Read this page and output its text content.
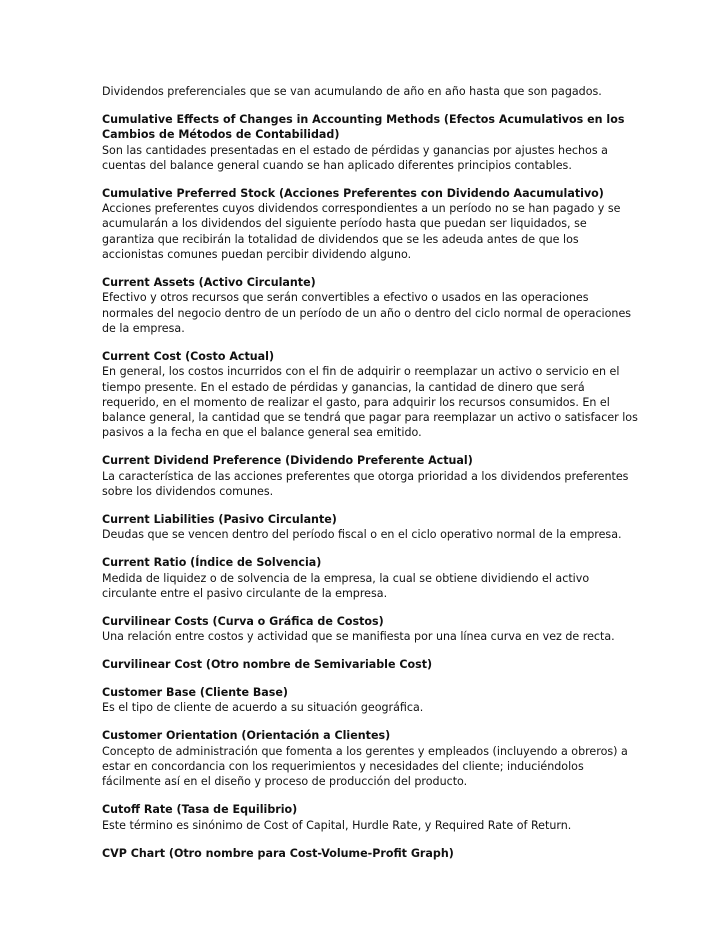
Dividendos preferenciales que se van acumulando de año en año hasta que son pagados.
Cumulative Effects of Changes in Accounting Methods (Efectos Acumulativos en los Cambios de Métodos de Contabilidad)
Son las cantidades presentadas en el estado de pérdidas y ganancias por ajustes hechos a cuentas del balance general cuando se han aplicado diferentes principios contables.
Cumulative Preferred Stock (Acciones Preferentes con Dividendo Aacumulativo)
Acciones preferentes cuyos dividendos correspondientes a un período no se han pagado y se acumularán a los dividendos del siguiente período hasta que puedan ser liquidados, se garantiza que recibirán la totalidad de dividendos que se les adeuda antes de que los accionistas comunes puedan percibir dividendo alguno.
Current Assets (Activo Circulante)
Efectivo y otros recursos que serán convertibles a efectivo o usados en las operaciones normales del negocio dentro de un período de un año o dentro del ciclo normal de operaciones de la empresa.
Current Cost (Costo Actual)
En general, los costos incurridos con el fin de adquirir o reemplazar un activo o servicio en el tiempo presente. En el estado de pérdidas y ganancias, la cantidad de dinero que será requerido, en el momento de realizar el gasto, para adquirir los recursos consumidos. En el balance general, la cantidad que se tendrá que pagar para reemplazar un activo o satisfacer los pasivos a la fecha en que el balance general sea emitido.
Current Dividend Preference (Dividendo Preferente Actual)
La característica de las acciones preferentes que otorga prioridad a los dividendos preferentes sobre los dividendos comunes.
Current Liabilities (Pasivo Circulante)
Deudas que se vencen dentro del período fiscal o en el ciclo operativo normal de la empresa.
Current Ratio (Índice de Solvencia)
Medida de liquidez o de solvencia de la empresa, la cual se obtiene dividiendo el activo circulante entre el pasivo circulante de la empresa.
Curvilinear Costs (Curva o Gráfica de Costos)
Una relación entre costos y actividad que se manifiesta por una línea curva en vez de recta.
Curvilinear Cost (Otro nombre de Semivariable Cost)
Customer Base (Cliente Base)
Es el tipo de cliente de acuerdo a su situación geográfica.
Customer Orientation (Orientación a Clientes)
Concepto de administración que fomenta a los gerentes y empleados (incluyendo a obreros) a estar en concordancia con los requerimientos y necesidades del cliente; induciéndolos fácilmente así en el diseño y proceso de producción del producto.
Cutoff Rate (Tasa de Equilibrio)
Este término es sinónimo de Cost of Capital, Hurdle Rate, y Required Rate of Return.
CVP Chart (Otro nombre para Cost-Volume-Profit Graph)
